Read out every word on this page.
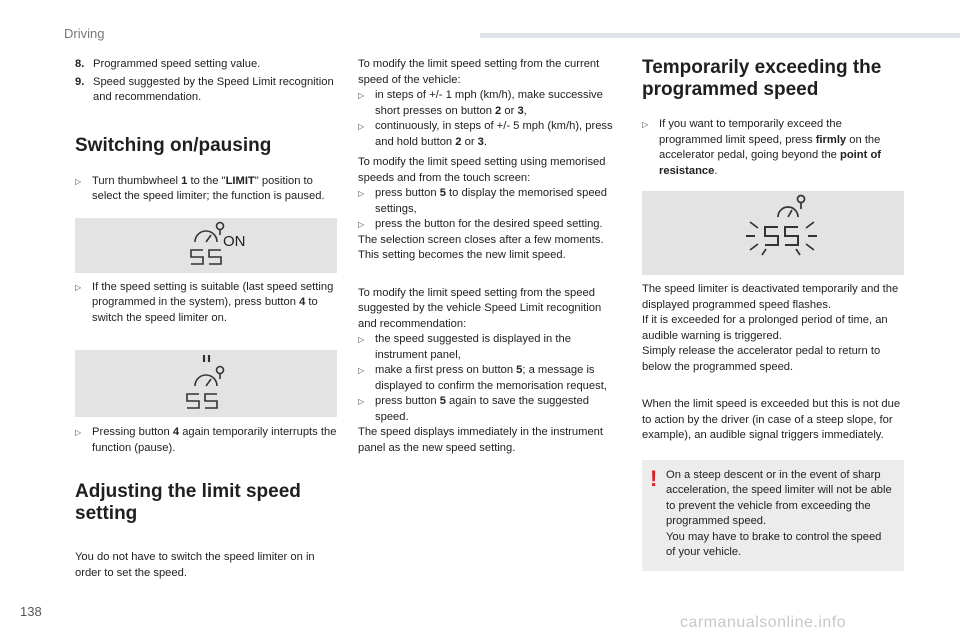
Driving
8. Programmed speed setting value.
9. Speed suggested by the Speed Limit recognition and recommendation.
Switching on/pausing
▷ Turn thumbwheel 1 to the "LIMIT" position to select the speed limiter; the function is paused.
ON
▷ If the speed setting is suitable (last speed setting programmed in the system), press button 4 to switch the speed limiter on.
▷ Pressing button 4 again temporarily interrupts the function (pause).
Adjusting the limit speed setting

You do not have to switch the speed limiter on in order to set the speed.

To modify the limit speed setting from the current speed of the vehicle:

▷ in steps of +/- 1 mph (km/h), make successive short presses on button 2 or 3,
▷ continuously, in steps of +/- 5 mph (km/h), press and hold button 2 or 3.

To modify the limit speed setting using memorised speeds and from the touch screen:

▷ press button 5 to display the memorised speed settings,
▷ press the button for the desired speed setting.

The selection screen closes after a few moments.

This setting becomes the new limit speed.

To modify the limit speed setting from the speed suggested by the vehicle Speed Limit recognition and recommendation:

▷ the speed suggested is displayed in the instrument panel,
▷ make a first press on button 5; a message is displayed to confirm the memorisation request,
▷ press button 5 again to save the suggested speed.

The speed displays immediately in the instrument panel as the new speed setting.

Temporarily exceeding the programmed speed
▷ If you want to temporarily exceed the programmed limit speed, press firmly on the accelerator pedal, going beyond the point of resistance.

The speed limiter is deactivated temporarily and the displayed programmed speed flashes.

If it is exceeded for a prolonged period of time, an audible warning is triggered.

Simply release the accelerator pedal to return to below the programmed speed.

When the limit speed is exceeded but this is not due to action by the driver (in case of a steep slope, for example), an audible signal triggers immediately.

! On a steep descent or in the event of sharp acceleration, the speed limiter will not be able to prevent the vehicle from exceeding the programmed speed.

You may have to brake to control the speed of your vehicle.

138
carmanualsonline.info
